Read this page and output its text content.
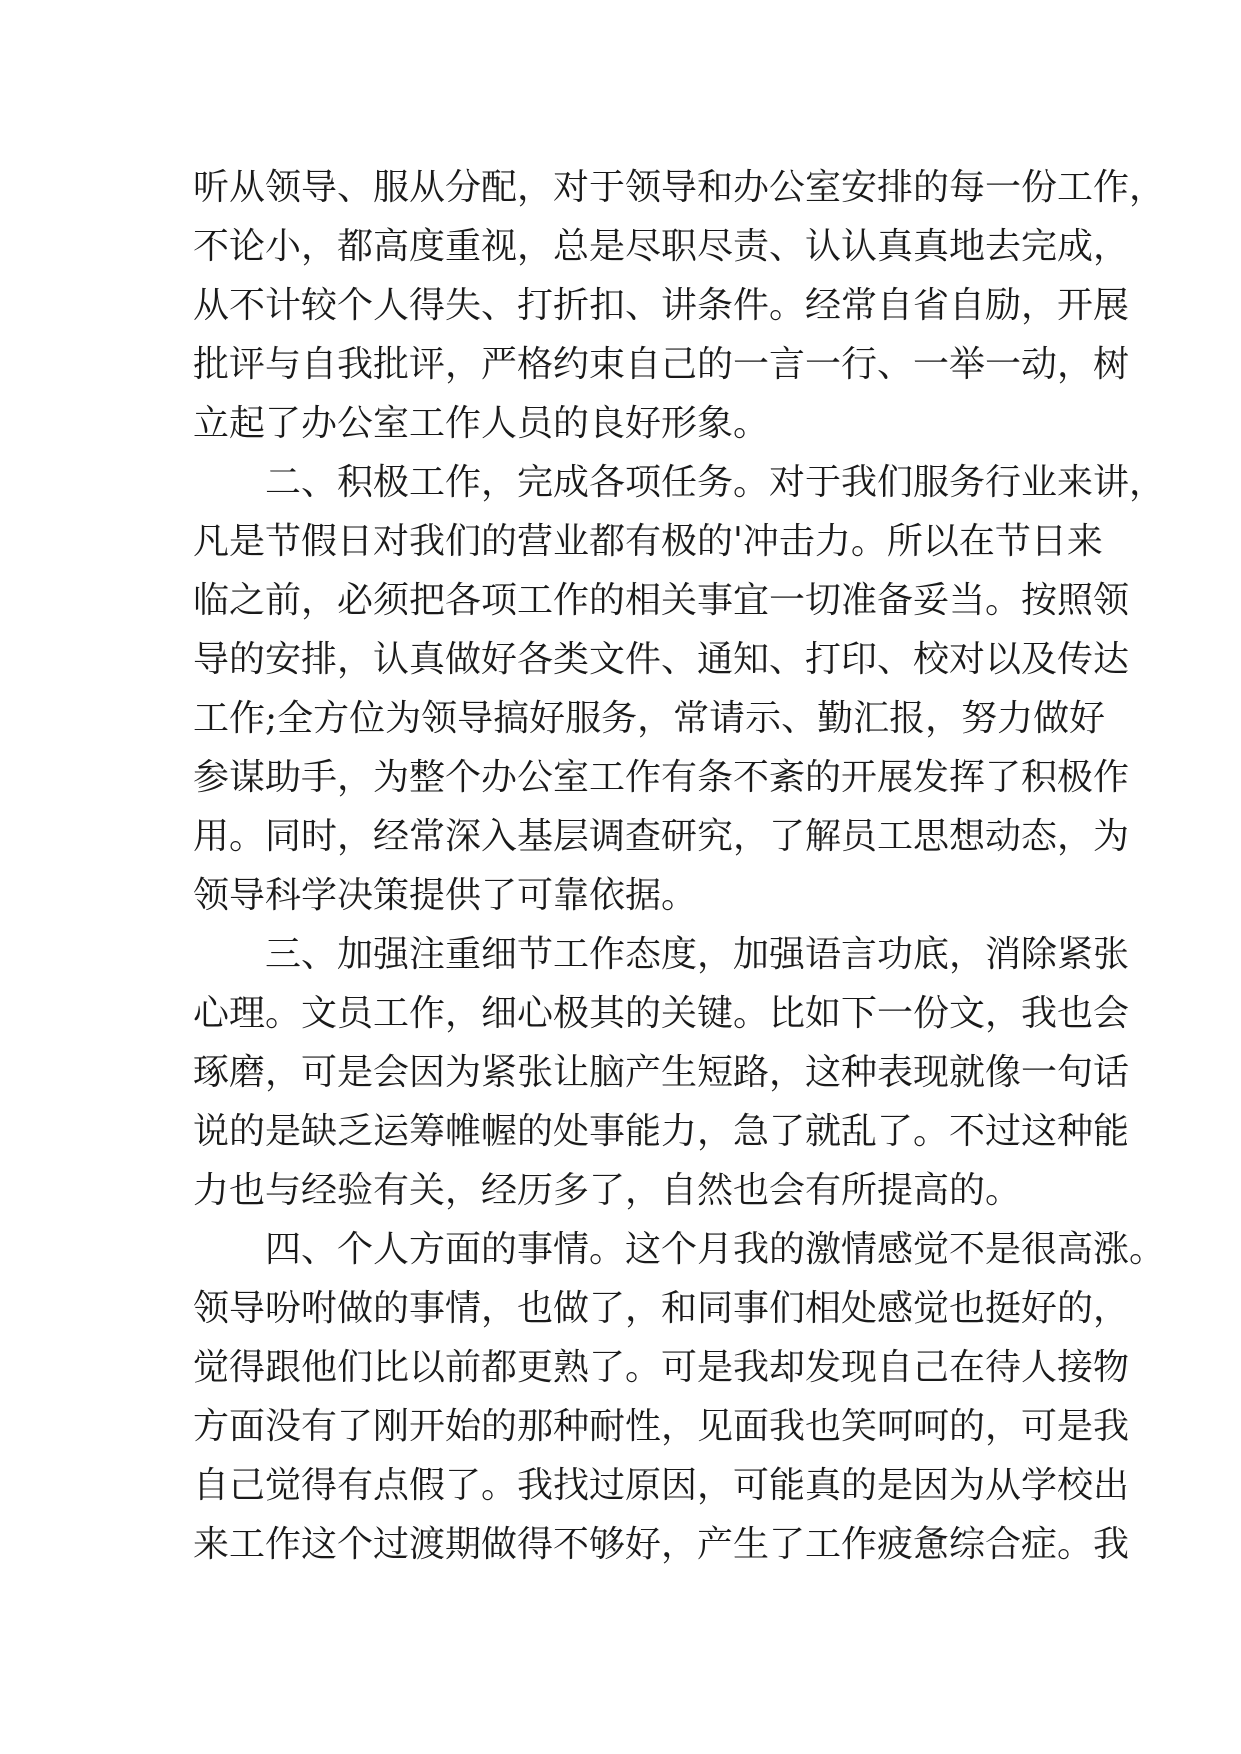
听从领导、服从分配，对于领导和办公室安排的每一份工作，
不论小，都高度重视，总是尽职尽责、认认真真地去完成，
从不计较个人得失、打折扣、讲条件。经常自省自励，开展
批评与自我批评，严格约束自己的一言一行、一举一动，树
立起了办公室工作人员的良好形象。
　　二、积极工作，完成各项任务。对于我们服务行业来讲，
凡是节假日对我们的营业都有极的'冲击力。所以在节日来
临之前，必须把各项工作的相关事宜一切准备妥当。按照领
导的安排，认真做好各类文件、通知、打印、校对以及传达
工作;全方位为领导搞好服务，常请示、勤汇报，努力做好
参谋助手，为整个办公室工作有条不紊的开展发挥了积极作
用。同时，经常深入基层调查研究，了解员工思想动态，为
领导科学决策提供了可靠依据。
　　三、加强注重细节工作态度，加强语言功底，消除紧张
心理。文员工作，细心极其的关键。比如下一份文，我也会
琢磨，可是会因为紧张让脑产生短路，这种表现就像一句话
说的是缺乏运筹帷幄的处事能力，急了就乱了。不过这种能
力也与经验有关，经历多了，自然也会有所提高的。
　　四、个人方面的事情。这个月我的激情感觉不是很高涨。
领导吩咐做的事情，也做了，和同事们相处感觉也挺好的，
觉得跟他们比以前都更熟了。可是我却发现自己在待人接物
方面没有了刚开始的那种耐性，见面我也笑呵呵的，可是我
自己觉得有点假了。我找过原因，可能真的是因为从学校出
来工作这个过渡期做得不够好，产生了工作疲惫综合症。我
